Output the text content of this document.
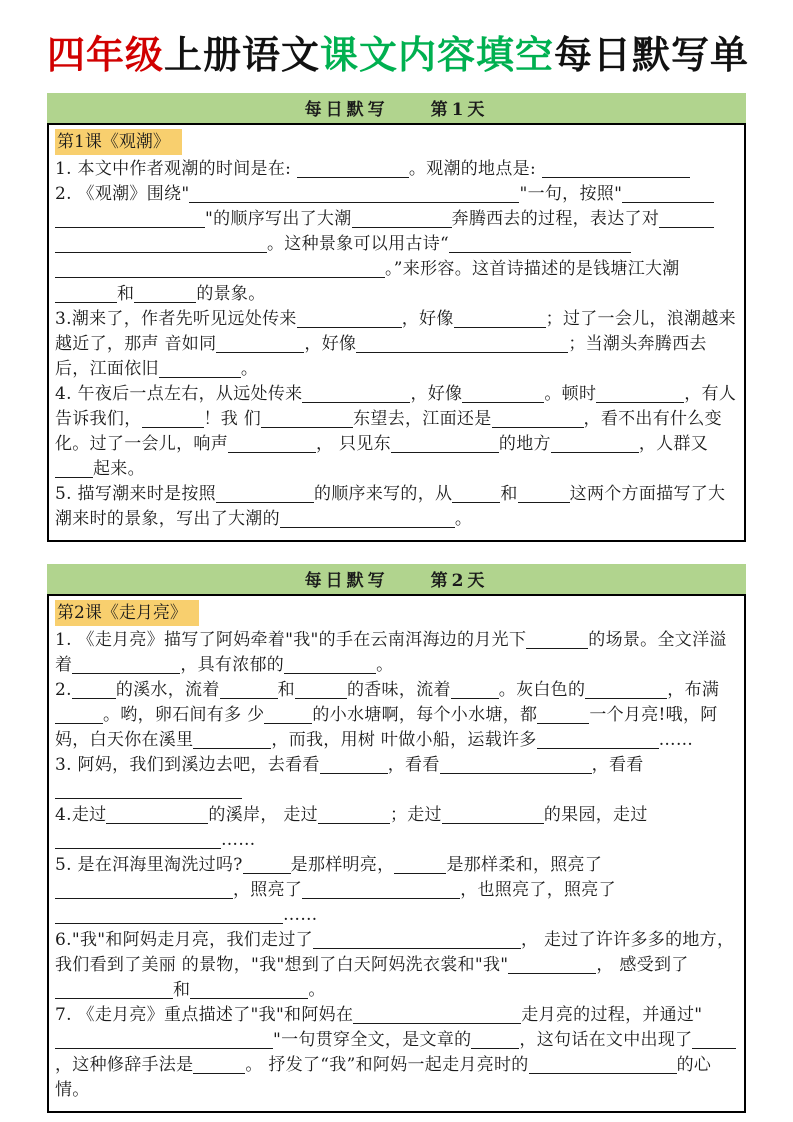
四年级上册语文课文内容填空每日默写单
每日默写　　第1天
第1课《观潮》

1. 本文中作者观潮的时间是在:	。观潮的地点是:

2. 《观潮》围绕"	"一句，按照""的顺序写出了大潮	奔腾西去的过程，表达了对。这种景象可以用古诗“。”来形容。这首诗描述的是钱塘江大潮和	的景象。

3.潮来了，作者先听见远处传来	，好像	；过了一会儿，浪潮越来越近了，那声 音如同	，好像	；当潮头奔腾西去后，江面依旧	。

4. 午夜后一点左右，从远处传来	，好像	。顿时	，有人告诉我们，	！我 们	东望去，江面还是	，看不出有什么变化。过了一会儿，响声	， 只见东	的地方	，人群又起来。

5. 描写潮来时是按照	的顺序来写的，从	和	这两个方面描写了大潮来时的景象，写出了大潮的	。

每日默写　　第2天
第2课《走月亮》

1. 《走月亮》描写了阿妈牵着"我"的手在云南洱海边的月光下	的场景。全文洋溢着	，具有浓郁的	。

2.	的溪水，流着	和	的香味，流着	。灰白色的	，布满。哟，卵石间有多 少	的小水塘啊，每个小水塘，都	一个月亮!哦，阿妈，白天你在溪里	，而我，用树 叶做小船，运载许多	……

3. 阿妈，我们到溪边去吧，去看看	，看看	，看看

4.走过	的溪岸， 走过	；走过	的果园，走过……

5. 是在洱海里淘洗过吗?	是那样明亮，	是那样柔和，照亮了，照亮了	，也照亮了，照亮了……

6."我"和阿妈走月亮，我们走过了	， 走过了许许多多的地方，我们看到了美丽 的景物，"我"想到了白天阿妈洗衣裳和"我"	， 感受到了和	。

7. 《走月亮》重点描述了"我"和阿妈在	走月亮的过程，并通过""一句贯穿全文，是文章的	，这句话在文中出现了，这种修辞手法是	。 抒发了“我”和阿妈一起走月亮时的	的心情。
